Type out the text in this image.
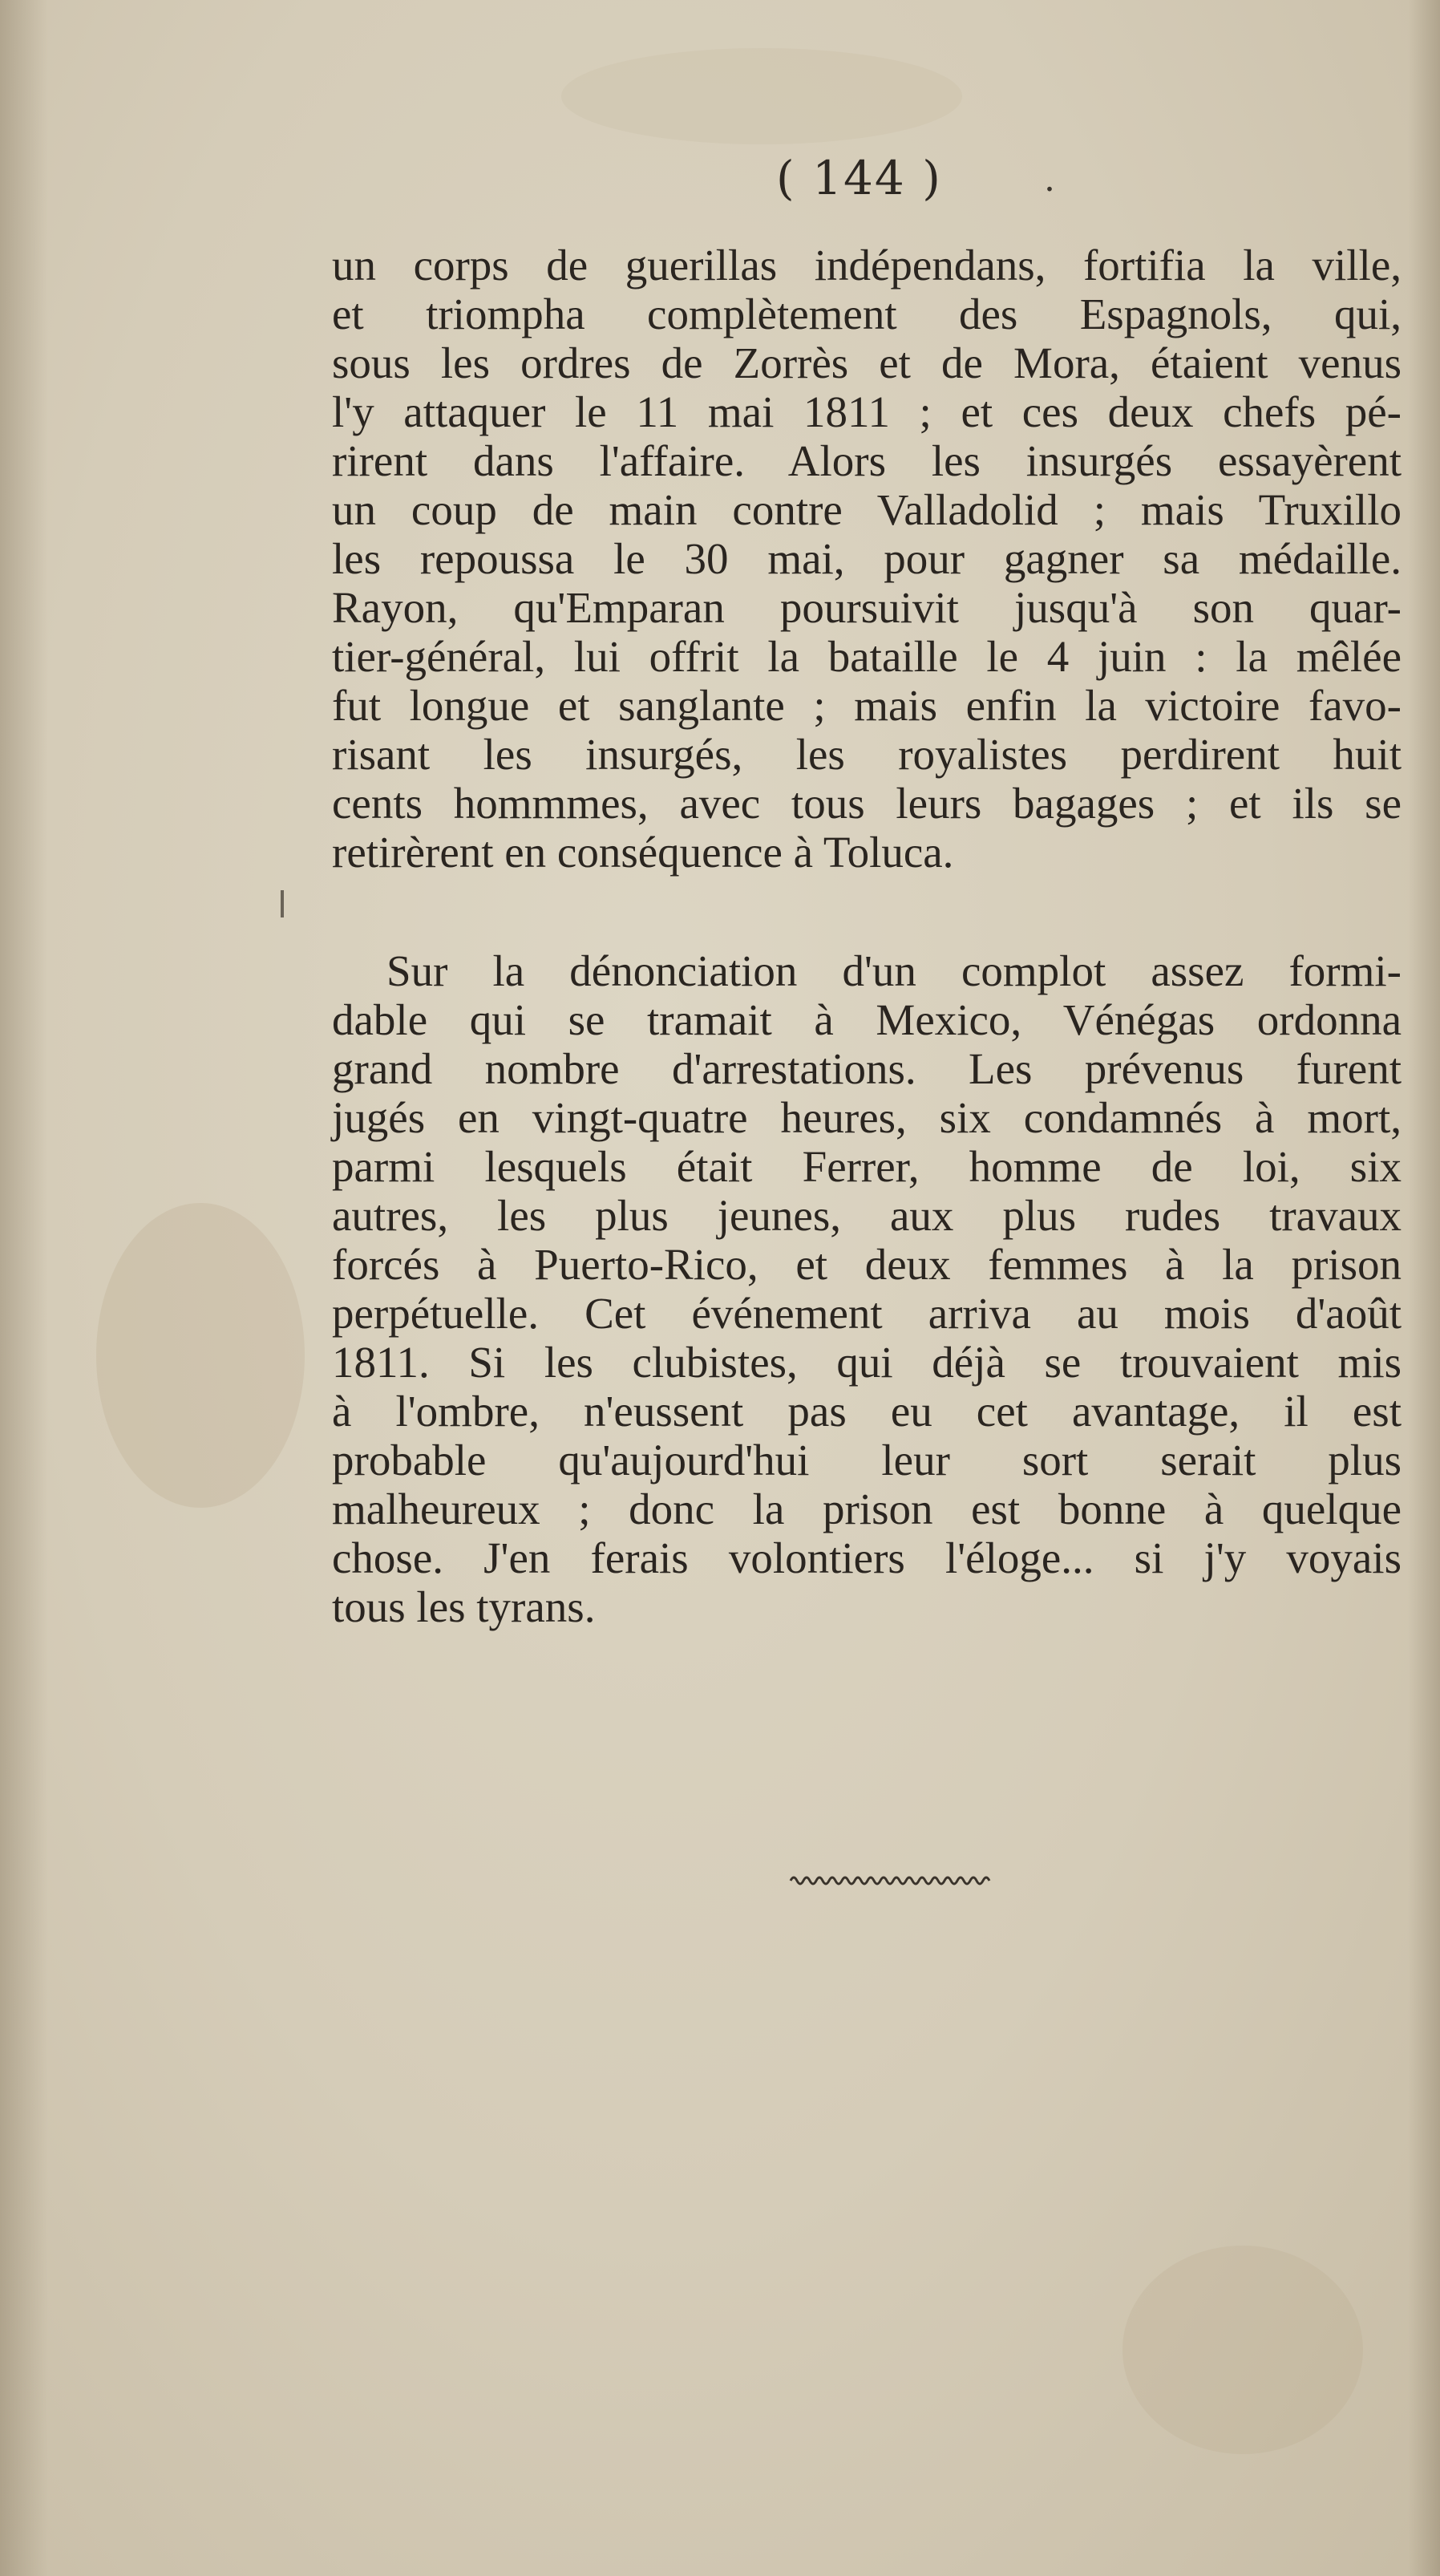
( 144 )	.
un corps de guerillas indépendans, fortifia la ville,
et triompha complètement des Espagnols, qui,
sous les ordres de Zorrès et de Mora, étaient venus
l'y attaquer le 11 mai 1811 ; et ces deux chefs pé-
rirent dans l'affaire. Alors les insurgés essayèrent
un coup de main contre Valladolid ; mais Truxillo
les repoussa le 30 mai, pour gagner sa médaille.
Rayon, qu'Emparan poursuivit jusqu'à son quar-
tier-général, lui offrit la bataille le 4 juin : la mêlée
fut longue et sanglante ; mais enfin la victoire favo-
risant les insurgés, les royalistes perdirent huit
cents hommmes, avec tous leurs bagages ; et ils se
retirèrent en conséquence à Toluca.
Sur la dénonciation d'un complot assez formi-
dable qui se tramait à Mexico, Vénégas ordonna
grand nombre d'arrestations. Les prévenus furent
jugés en vingt-quatre heures, six condamnés à mort,
parmi lesquels était Ferrer, homme de loi, six
autres, les plus jeunes, aux plus rudes travaux
forcés à Puerto-Rico, et deux femmes à la prison
perpétuelle. Cet événement arriva au mois d'août
1811. Si les clubistes, qui déjà se trouvaient mis
à l'ombre, n'eussent pas eu cet avantage, il est
probable qu'aujourd'hui leur sort serait plus
malheureux ; donc la prison est bonne à quelque
chose. J'en ferais volontiers l'éloge... si j'y voyais
tous les tyrans.
